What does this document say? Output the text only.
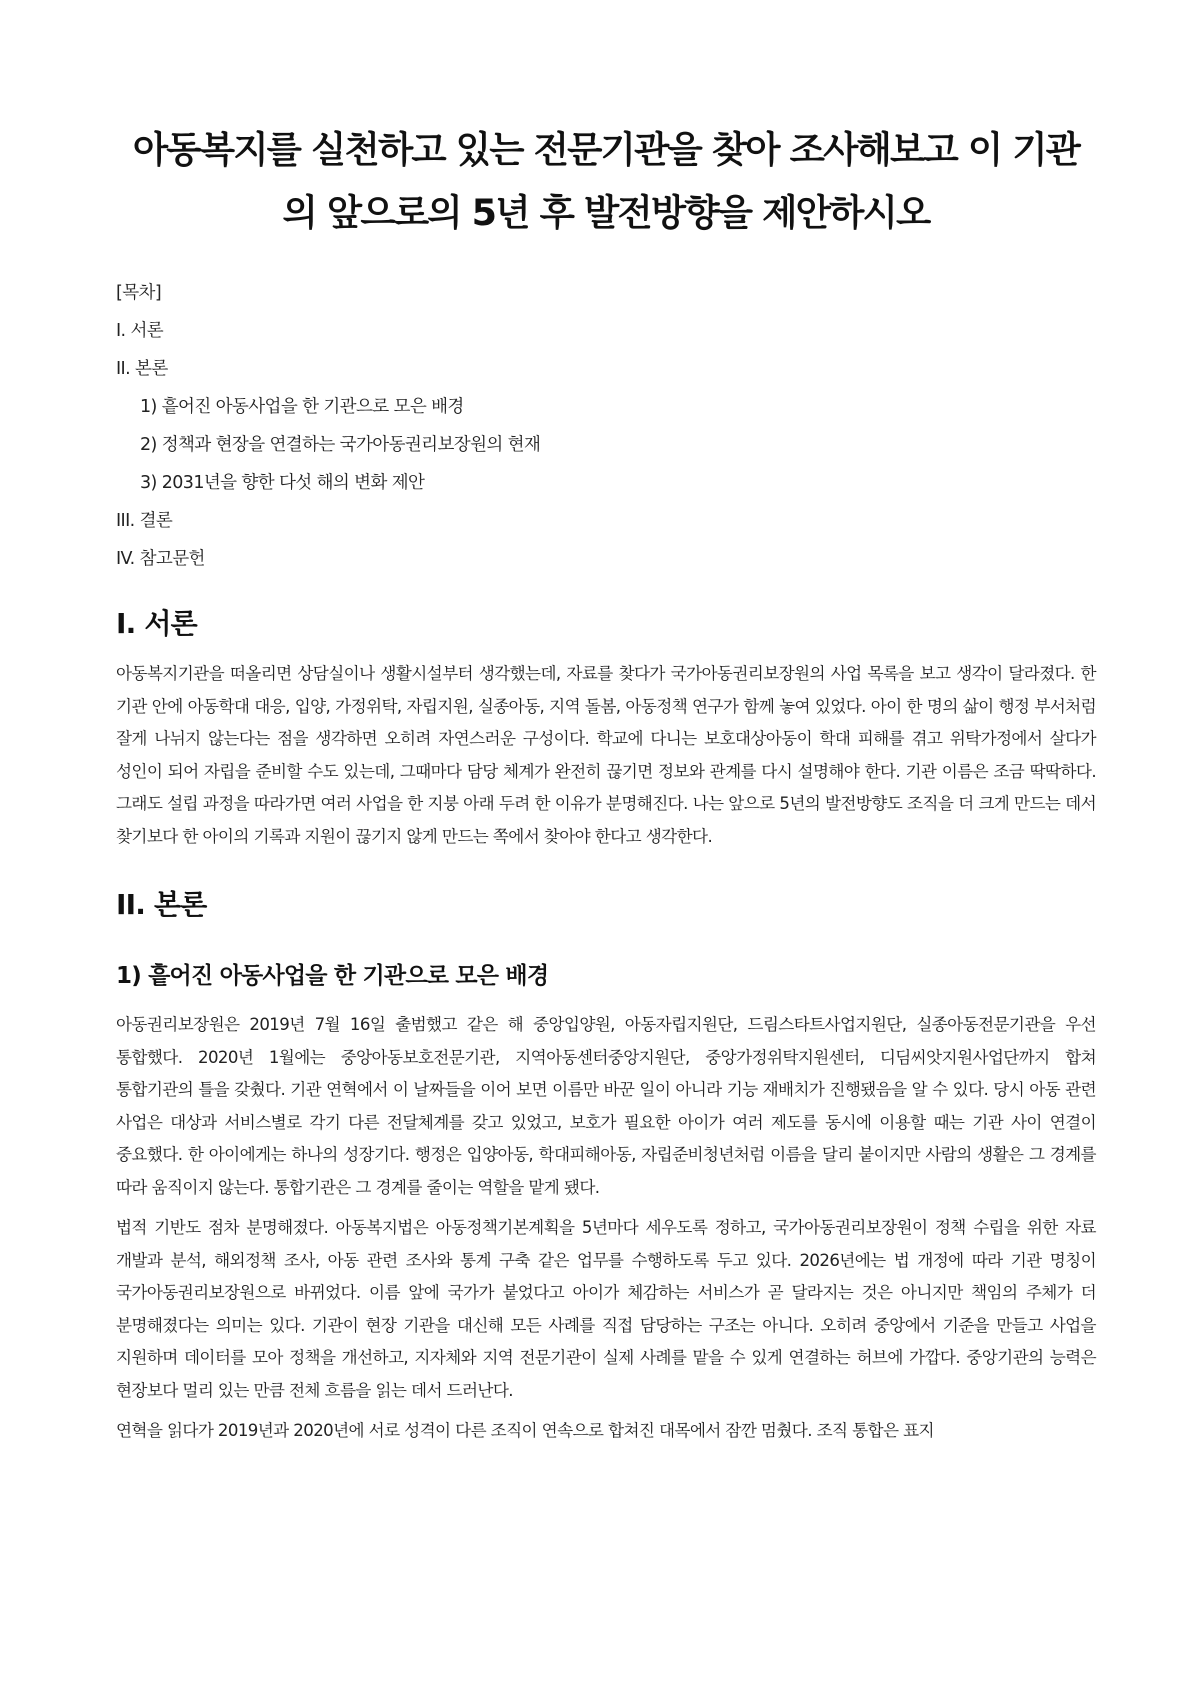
아동복지를 실천하고 있는 전문기관을 찾아 조사해보고 이 기관
의 앞으로의 5년 후 발전방향을 제안하시오
[목차]
I. 서론
II. 본론
1) 흩어진 아동사업을 한 기관으로 모은 배경
2) 정책과 현장을 연결하는 국가아동권리보장원의 현재
3) 2031년을 향한 다섯 해의 변화 제안
III. 결론
IV. 참고문헌
I. 서론

아동복지기관을 떠올리면 상담실이나 생활시설부터 생각했는데, 자료를 찾다가 국가아동권리보장원의 사업 목록을 보고 생각이 달라졌다. 한 기관 안에 아동학대 대응, 입양, 가정위탁, 자립지원, 실종아동, 지역 돌봄, 아동정책 연구가 함께 놓여 있었다. 아이 한 명의 삶이 행정 부서처럼 잘게 나뉘지 않는다는 점을 생각하면 오히려 자연스러운 구성이다. 학교에 다니는 보호대상아동이 학대 피해를 겪고 위탁가정에서 살다가 성인이 되어 자립을 준비할 수도 있는데, 그때마다 담당 체계가 완전히 끊기면 정보와 관계를 다시 설명해야 한다. 기관 이름은 조금 딱딱하다. 그래도 설립 과정을 따라가면 여러 사업을 한 지붕 아래 두려 한 이유가 분명해진다. 나는 앞으로 5년의 발전방향도 조직을 더 크게 만드는 데서 찾기보다 한 아이의 기록과 지원이 끊기지 않게 만드는 쪽에서 찾아야 한다고 생각한다.

II. 본론
1) 흩어진 아동사업을 한 기관으로 모은 배경

아동권리보장원은 2019년 7월 16일 출범했고 같은 해 중앙입양원, 아동자립지원단, 드림스타트사업지원단, 실종아동전문기관을 우선 통합했다. 2020년 1월에는 중앙아동보호전문기관, 지역아동센터중앙지원단, 중앙가정위탁지원센터, 디딤씨앗지원사업단까지 합쳐 통합기관의 틀을 갖췄다. 기관 연혁에서 이 날짜들을 이어 보면 이름만 바꾼 일이 아니라 기능 재배치가 진행됐음을 알 수 있다. 당시 아동 관련 사업은 대상과 서비스별로 각기 다른 전달체계를 갖고 있었고, 보호가 필요한 아이가 여러 제도를 동시에 이용할 때는 기관 사이 연결이 중요했다. 한 아이에게는 하나의 성장기다. 행정은 입양아동, 학대피해아동, 자립준비청년처럼 이름을 달리 붙이지만 사람의 생활은 그 경계를 따라 움직이지 않는다. 통합기관은 그 경계를 줄이는 역할을 맡게 됐다.

법적 기반도 점차 분명해졌다. 아동복지법은 아동정책기본계획을 5년마다 세우도록 정하고, 국가아동권리보장원이 정책 수립을 위한 자료 개발과 분석, 해외정책 조사, 아동 관련 조사와 통계 구축 같은 업무를 수행하도록 두고 있다. 2026년에는 법 개정에 따라 기관 명칭이 국가아동권리보장원으로 바뀌었다. 이름 앞에 국가가 붙었다고 아이가 체감하는 서비스가 곧 달라지는 것은 아니지만 책임의 주체가 더 분명해졌다는 의미는 있다. 기관이 현장 기관을 대신해 모든 사례를 직접 담당하는 구조는 아니다. 오히려 중앙에서 기준을 만들고 사업을 지원하며 데이터를 모아 정책을 개선하고, 지자체와 지역 전문기관이 실제 사례를 맡을 수 있게 연결하는 허브에 가깝다. 중앙기관의 능력은 현장보다 멀리 있는 만큼 전체 흐름을 읽는 데서 드러난다.

연혁을 읽다가 2019년과 2020년에 서로 성격이 다른 조직이 연속으로 합쳐진 대목에서 잠깐 멈췄다. 조직 통합은 표지
